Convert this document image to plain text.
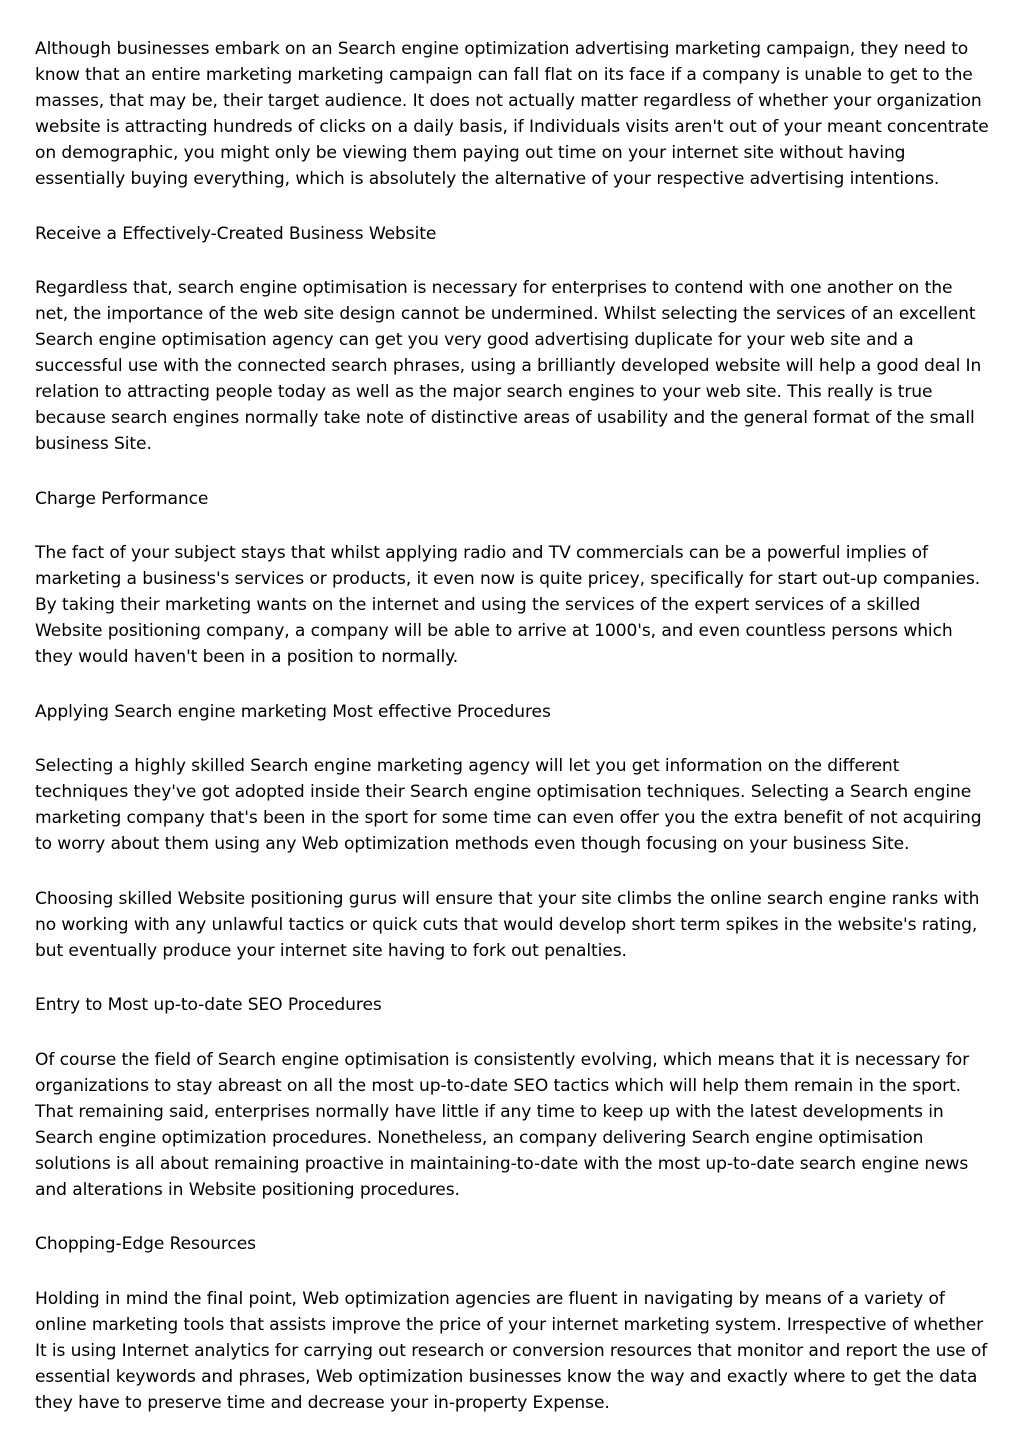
Although businesses embark on an Search engine optimization advertising marketing campaign, they need to know that an entire marketing marketing campaign can fall flat on its face if a company is unable to get to the masses, that may be, their target audience. It does not actually matter regardless of whether your organization website is attracting hundreds of clicks on a daily basis, if Individuals visits aren't out of your meant concentrate on demographic, you might only be viewing them paying out time on your internet site without having essentially buying everything, which is absolutely the alternative of your respective advertising intentions.

Receive a Effectively-Created Business Website

Regardless that, search engine optimisation is necessary for enterprises to contend with one another on the net, the importance of the web site design cannot be undermined. Whilst selecting the services of an excellent Search engine optimisation agency can get you very good advertising duplicate for your web site and a successful use with the connected search phrases, using a brilliantly developed website will help a good deal In relation to attracting people today as well as the major search engines to your web site. This really is true because search engines normally take note of distinctive areas of usability and the general format of the small business Site.

Charge Performance

The fact of your subject stays that whilst applying radio and TV commercials can be a powerful implies of marketing a business's services or products, it even now is quite pricey, specifically for start out-up companies. By taking their marketing wants on the internet and using the services of the expert services of a skilled Website positioning company, a company will be able to arrive at 1000's, and even countless persons which they would haven't been in a position to normally.

Applying Search engine marketing Most effective Procedures

Selecting a highly skilled Search engine marketing agency will let you get information on the different techniques they've got adopted inside their Search engine optimisation techniques. Selecting a Search engine marketing company that's been in the sport for some time can even offer you the extra benefit of not acquiring to worry about them using any Web optimization methods even though focusing on your business Site.

Choosing skilled Website positioning gurus will ensure that your site climbs the online search engine ranks with no working with any unlawful tactics or quick cuts that would develop short term spikes in the website's rating, but eventually produce your internet site having to fork out penalties.

Entry to Most up-to-date SEO Procedures

Of course the field of Search engine optimisation is consistently evolving, which means that it is necessary for organizations to stay abreast on all the most up-to-date SEO tactics which will help them remain in the sport. That remaining said, enterprises normally have little if any time to keep up with the latest developments in Search engine optimization procedures. Nonetheless, an company delivering Search engine optimisation solutions is all about remaining proactive in maintaining-to-date with the most up-to-date search engine news and alterations in Website positioning procedures.

Chopping-Edge Resources

Holding in mind the final point, Web optimization agencies are fluent in navigating by means of a variety of online marketing tools that assists improve the price of your internet marketing system. Irrespective of whether It is using Internet analytics for carrying out research or conversion resources that monitor and report the use of essential keywords and phrases, Web optimization businesses know the way and exactly where to get the data they have to preserve time and decrease your in-property Expense.
